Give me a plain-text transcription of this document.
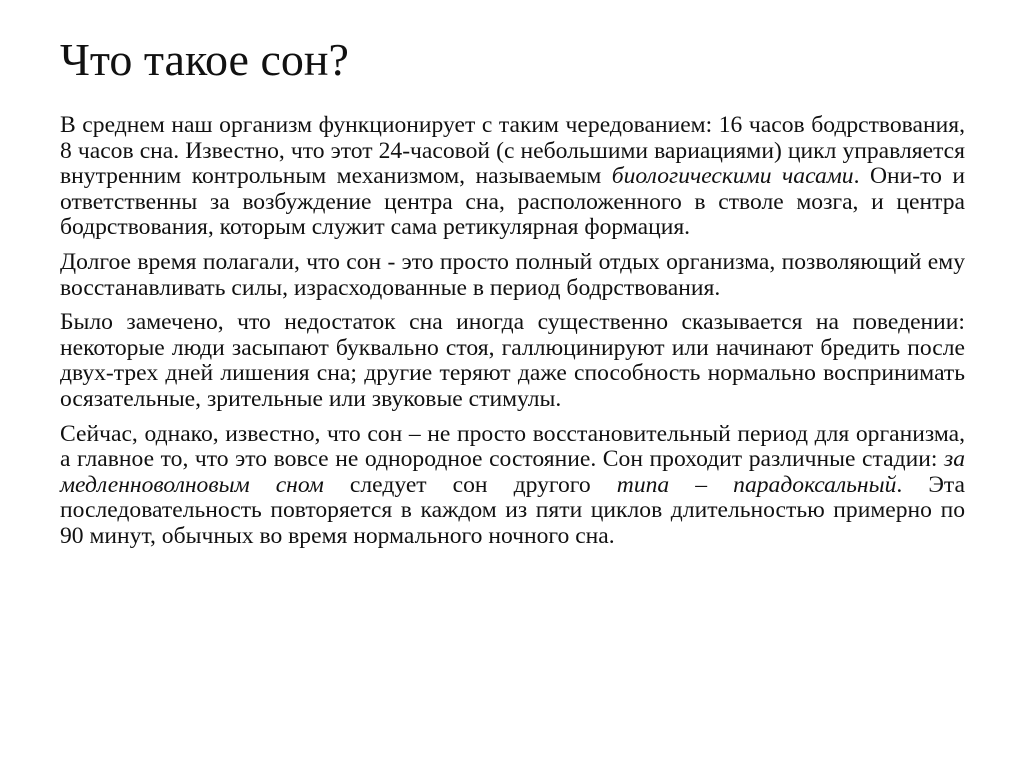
Что такое сон?

В среднем наш организм функционирует с таким чередованием: 16 часов бодрствования, 8 часов сна. Известно, что этот 24-часовой (с небольшими вариациями) цикл управляется внутренним контрольным механизмом, называемым биологическими часами. Они-то и ответственны за возбуждение центра сна, расположенного в стволе мозга, и центра бодрствования, которым служит сама ретикулярная формация.

Долгое время полагали, что сон - это просто полный отдых организма, позволяющий ему восстанавливать силы, израсходованные в период бодрствования.

Было замечено, что недостаток сна иногда существенно сказывается на поведении: некоторые люди засыпают буквально стоя, галлюцинируют или начинают бредить после двух-трех дней лишения сна; другие теряют даже способность нормально воспринимать осязательные, зрительные или звуковые стимулы.

Сейчас, однако, известно, что сон – не просто восстановительный период для организма, а главное то, что это вовсе не однородное состояние. Сон проходит различные стадии: за медленноволновым сном следует сон другого типа – парадоксальный. Эта последовательность повторяется в каждом из пяти циклов длительностью примерно по 90 минут, обычных во время нормального ночного сна.
